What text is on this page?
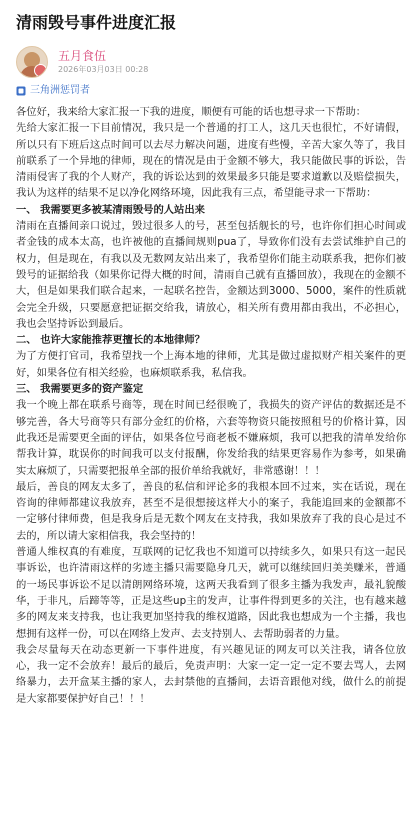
清雨毁号事件进度汇报
五月食伍
2026年03月03日 00:28
三角洲惩罚者

各位好，我来给大家汇报一下我的进度，顺便有可能的话也想寻求一下帮助：

先给大家汇报一下目前情况，我只是一个普通的打工人，这几天也很忙，不好请假，所以只有下班后这点时间可以去尽力解决问题，进度有些慢，辛苦大家久等了，我目前联系了一个异地的律师，现在的情况是由于金额不够大，我只能做民事的诉讼，告清雨侵害了我的个人财产，我的诉讼达到的效果最多只能是要求道歉以及赔偿损失，我认为这样的结果不足以净化网络环境，因此我有三点，希望能寻求一下帮助：

一、 我需要更多被某清雨毁号的人站出来

清雨在直播间亲口说过，毁过很多人的号，甚至包括舰长的号，也许你们担心时间或者金钱的成本太高，也许被他的直播间规则pua了，导致你们没有去尝试维护自己的权力，但是现在，有我以及无数网友站出来了，我希望你们能主动联系我，把你们被毁号的证据给我（如果你记得大概的时间，清雨自己就有直播回放），我现在的金额不大，但是如果我们联合起来，一起联名控告，金额达到3000、5000，案件的性质就会完全升级，只要愿意把证据交给我，请放心，相关所有费用都由我出，不必担心，我也会坚持诉讼到最后。

二、 也许大家能推荐更擅长的本地律师？

为了方便打官司，我希望找一个上海本地的律师，尤其是做过虚拟财产相关案件的更好，如果各位有相关经验，也麻烦联系我，私信我。

三、 我需要更多的资产鉴定

我一个晚上都在联系号商等，现在时间已经很晚了，我损失的资产评估的数据还是不够完善，各大号商等只有部分金红的价格，六套等物资只能按照租号的价格计算，因此我还是需要更全面的评估，如果各位号商老板不嫌麻烦，我可以把我的清单发给你帮我计算，耽误你的时间我可以支付报酬，你发给我的结果更容易作为参考，如果确实太麻烦了，只需要把报单全部的报价单给我就好，非常感谢！！！

最后，善良的网友太多了，善良的私信和评论多的我根本回不过来，实在话说，现在咨询的律师都建议我放弃，甚至不是很想接这样大小的案子，我能追回来的金额都不一定够付律师费，但是我身后是无数个网友在支持我，我如果放弃了我的良心是过不去的，所以请大家相信我，我会坚持的！

普通人维权真的有难度，互联网的记忆我也不知道可以持续多久，如果只有这一起民事诉讼，也许清雨这样的劣迹主播只需要隐身几天，就可以继续回归美美赚米，普通的一场民事诉讼不足以清朗网络环境，这两天我看到了很多主播为我发声，最礼貌酸华，于非凡，后蹄等等，正是这些up主的发声，让事件得到更多的关注，也有越来越多的网友来支持我，也让我更加坚持我的维权道路，因此我也想成为一个主播，我也想拥有这样一份，可以在网络上发声、去支持别人、去帮助弱者的力量。

我会尽量每天在动态更新一下事件进度，有兴趣见证的网友可以关注我，请各位放心，我一定不会放弃！最后的最后，免责声明：大家一定一定一定不要去骂人，去网络暴力，去开盒某主播的家人，去封禁他的直播间，去语音跟他对线，做什么的前提是大家都要保护好自己！！！
